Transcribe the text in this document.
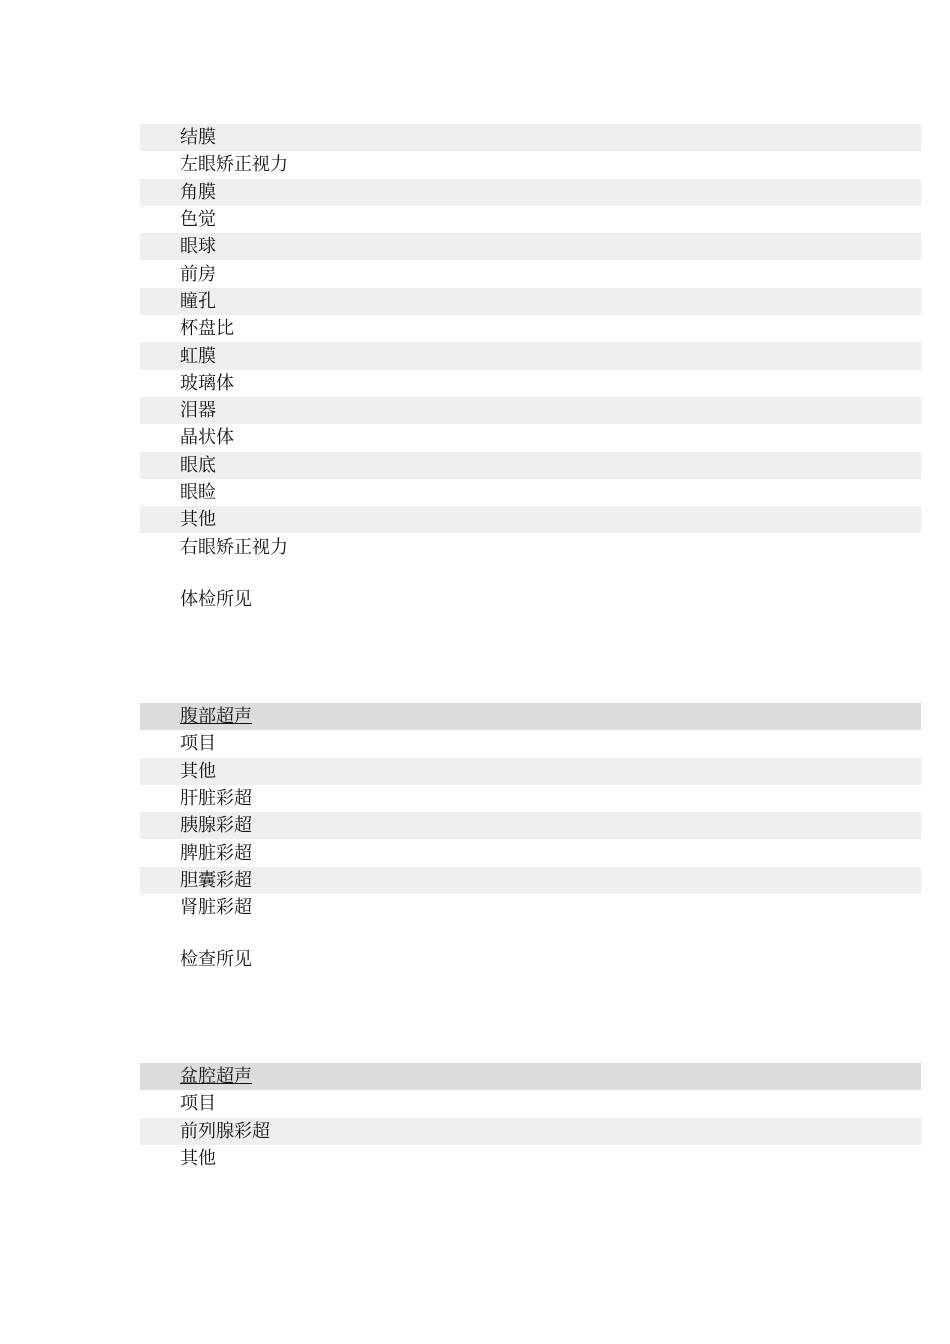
结膜
左眼矫正视力
角膜
色觉
眼球
前房
瞳孔
杯盘比
虹膜
玻璃体
泪器
晶状体
眼底
眼睑
其他
右眼矫正视力
体检所见
腹部超声
项目
其他
肝脏彩超
胰腺彩超
脾脏彩超
胆囊彩超
肾脏彩超
检查所见
盆腔超声
项目
前列腺彩超
其他
